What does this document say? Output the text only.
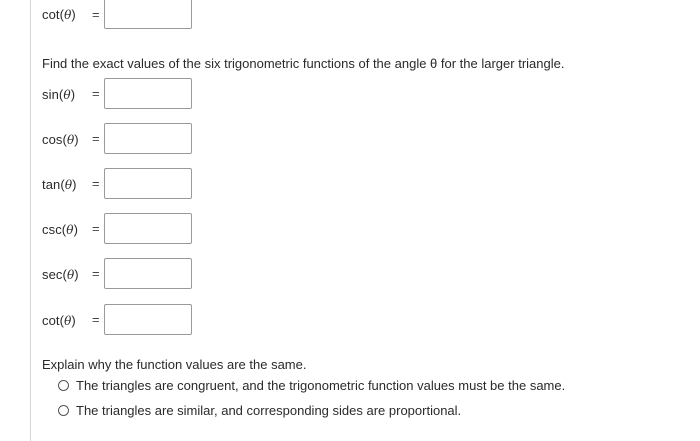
cot(θ) =
Find the exact values of the six trigonometric functions of the angle θ for the larger triangle.
sin(θ) =
cos(θ) =
tan(θ) =
csc(θ) =
sec(θ) =
cot(θ) =
Explain why the function values are the same.
The triangles are congruent, and the trigonometric function values must be the same.
The triangles are similar, and corresponding sides are proportional.
